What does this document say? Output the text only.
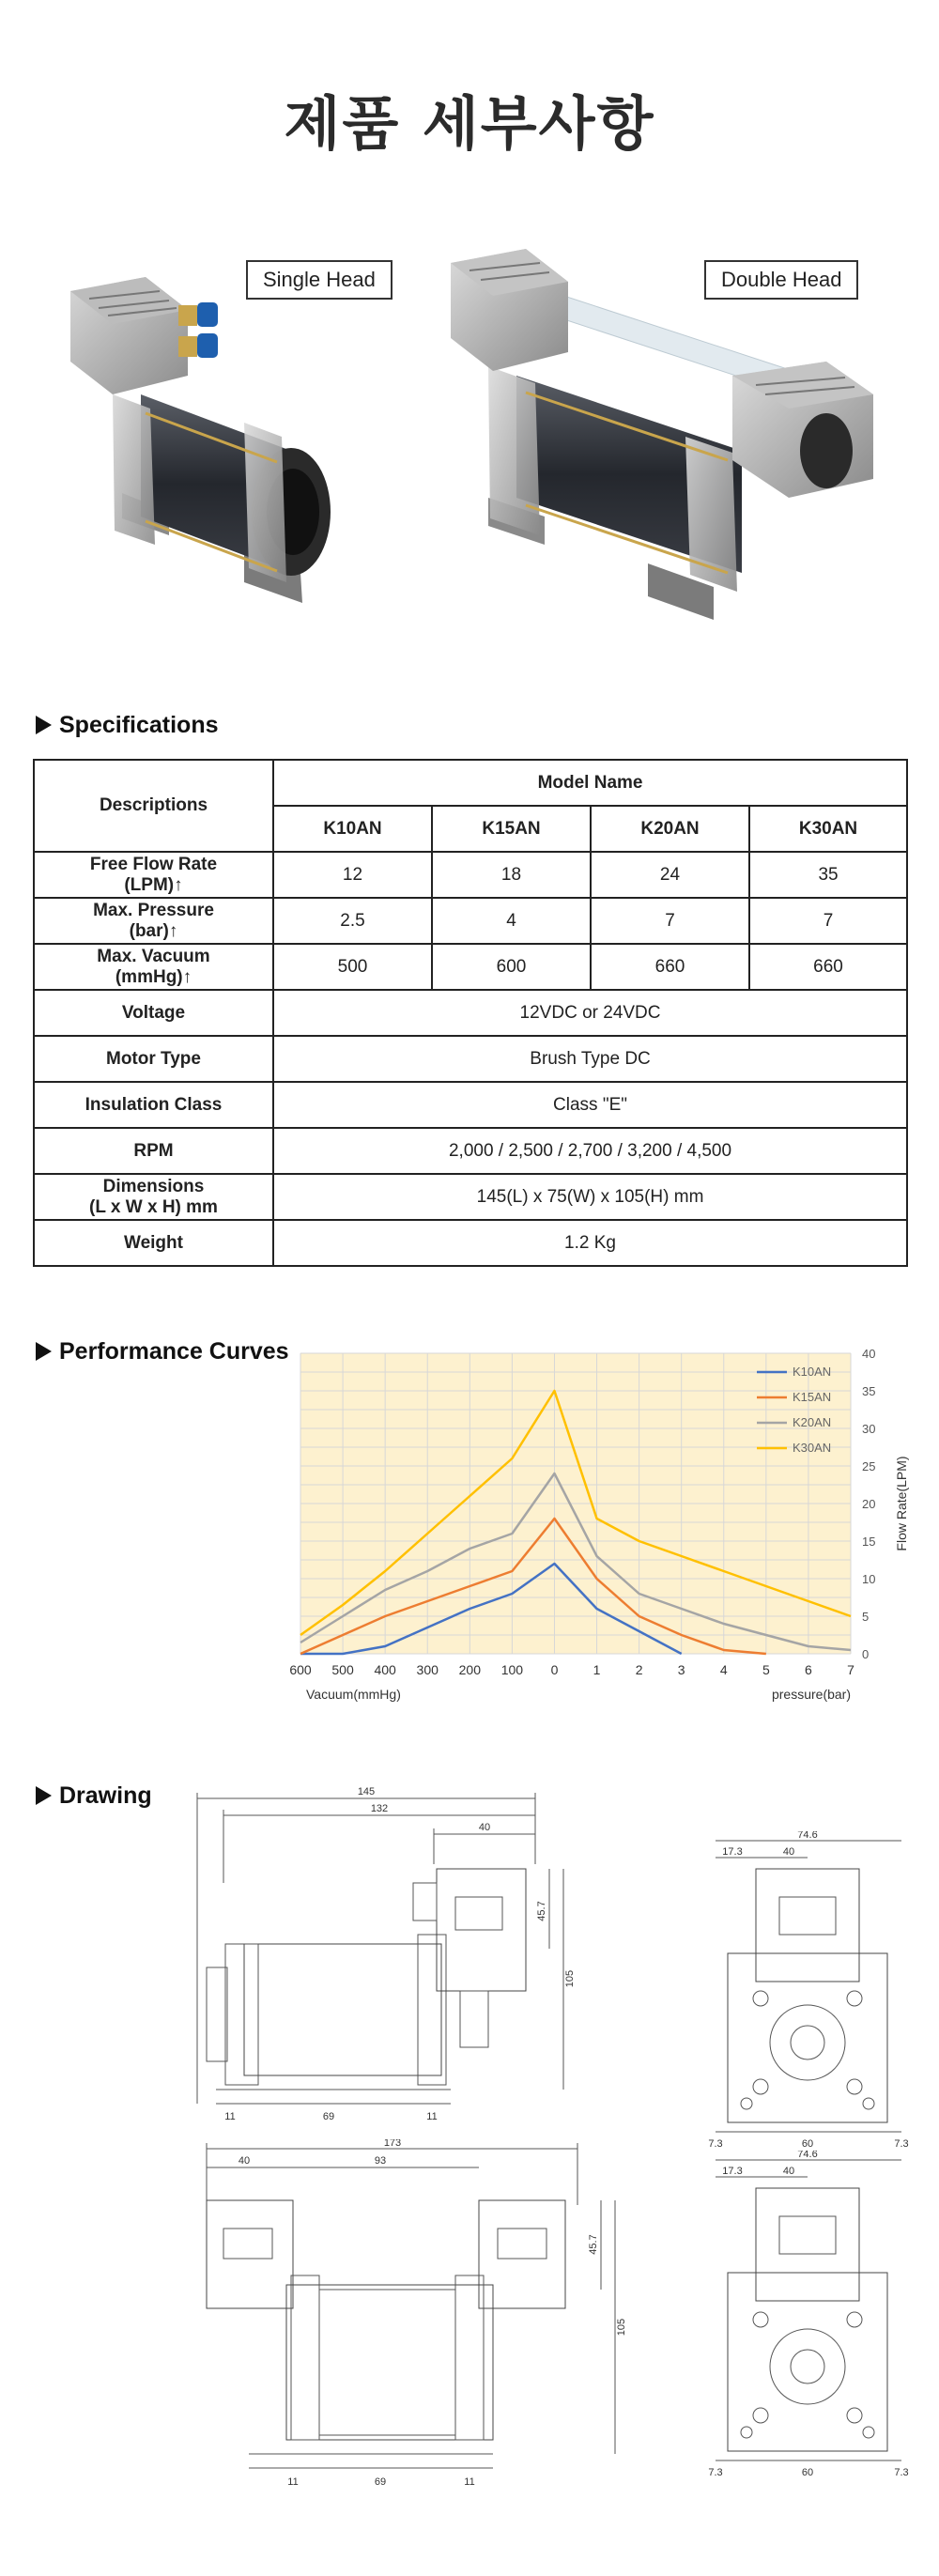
제품 세부사항
Single Head	Double Head
Specifications
Descriptions	Model Name			
	K10AN	K15AN	K20AN	K30AN
Free Flow Rate
(LPM)↑	12	18	24	35
Max. Pressure
(bar)↑	2.5	4	7	7
Max. Vacuum
(mmHg)↑	500	600	660	660
Voltage	12VDC or 24VDC			
Motor Type	Brush Type DC			
Insulation Class	Class "E"			
RPM	2,000 / 2,500 / 2,700 / 3,200 / 4,500			
Dimensions
(L x W x H) mm	145(L) x 75(W) x 105(H) mm			
Weight	1.2 Kg			
Performance Curves
600 500 400 300 200 100 0	1	2	3	4	5	6	7
0
5
10
15
20
25
30
35
40
K10AN
K15AN
K20AN
K30AN
Vacuum(mmHg)	pressure(bar)
Flow Rate(LPM)
Drawing	145
132
40
45.7
105
11	69	11
74.6
17.3	40
7.3	60	7.3
173
40	93
45.7
105
11	69	11
74.6
17.3	40
7.3	60	7.3
